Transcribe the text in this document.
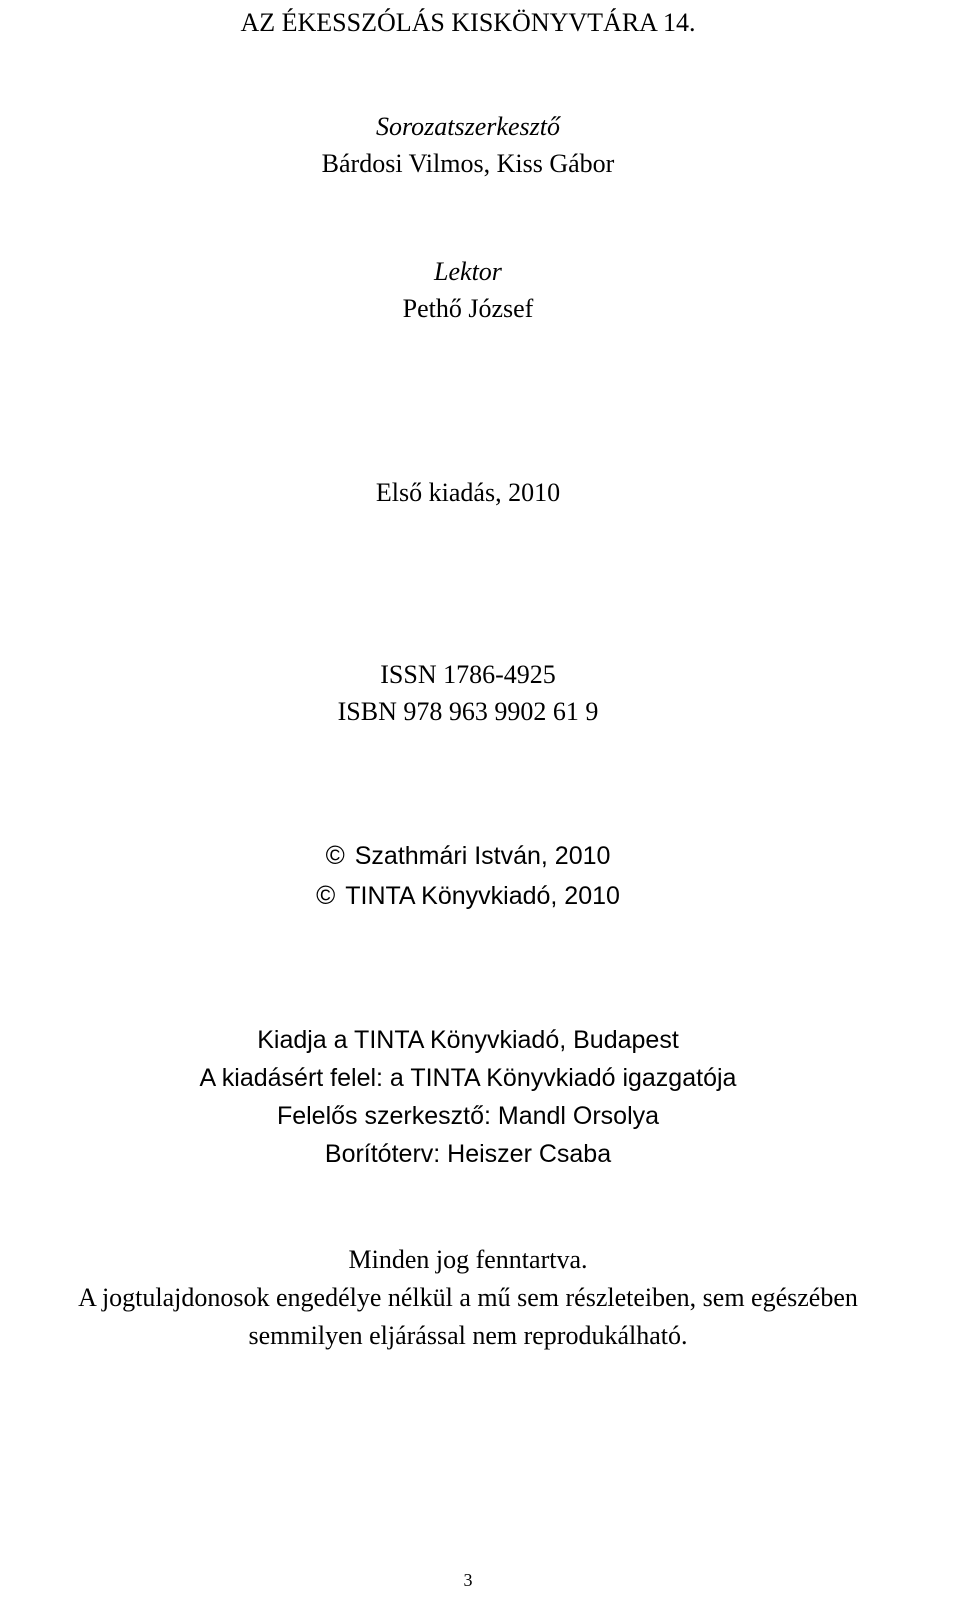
AZ ÉKESSZÓLÁS KISKÖNYVTÁRA 14.
Sorozatszerkesztő
Bárdosi Vilmos, Kiss Gábor
Lektor
Pethő József
Első kiadás, 2010
ISSN 1786-4925
ISBN 978 963 9902 61 9
© Szathmári István, 2010
© TINTA Könyvkiadó, 2010
Kiadja a TINTA Könyvkiadó, Budapest
A kiadásért felel: a TINTA Könyvkiadó igazgatója
Felelős szerkesztő: Mandl Orsolya
Borítóterv: Heiszer Csaba
Minden jog fenntartva.
A jogtulajdonosok engedélye nélkül a mű sem részleteiben, sem egészében
semmilyen eljárással nem reprodukálható.
3
